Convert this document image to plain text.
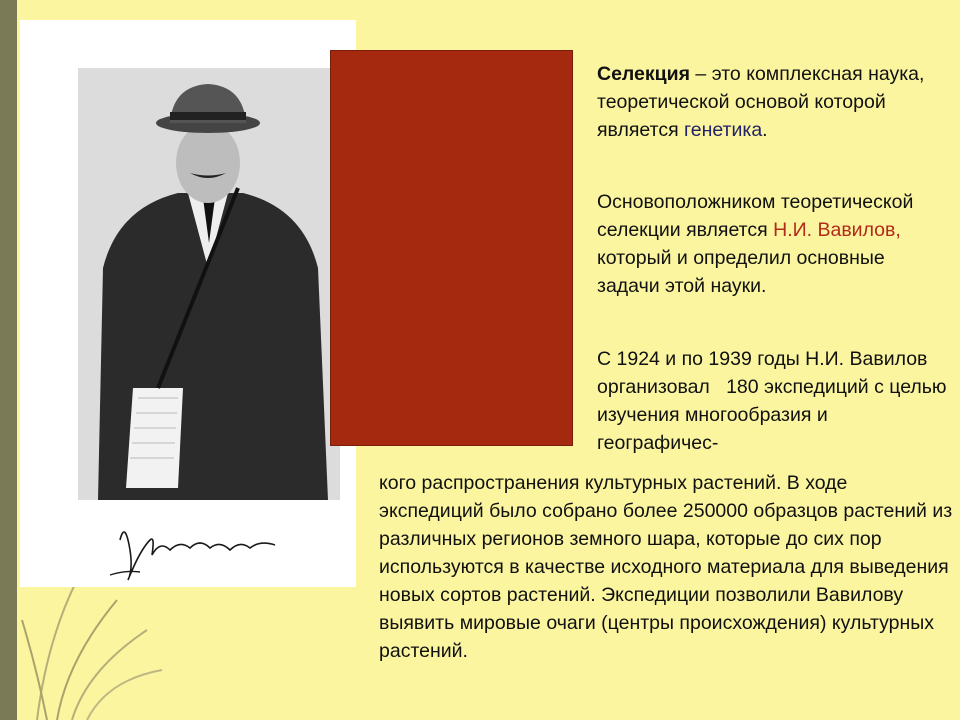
Селекция – это комплексная наука, теоретической основой которой является генетика.

Основоположником теоретической селекции является Н.И. Вавилов, который и определил основные задачи этой науки.

С 1924 и по 1939 годы Н.И. Вавилов организовал   180 экспедиций с целью изучения многообразия и географичес-

кого распространения культурных растений. В ходе экспедиций было собрано более 250000 образцов растений из различных регионов земного шара, которые до сих пор используются в качестве исходного материала для выведения новых сортов растений. Экспедиции позволили Вавилову выявить мировые очаги (центры происхождения) культурных растений.
